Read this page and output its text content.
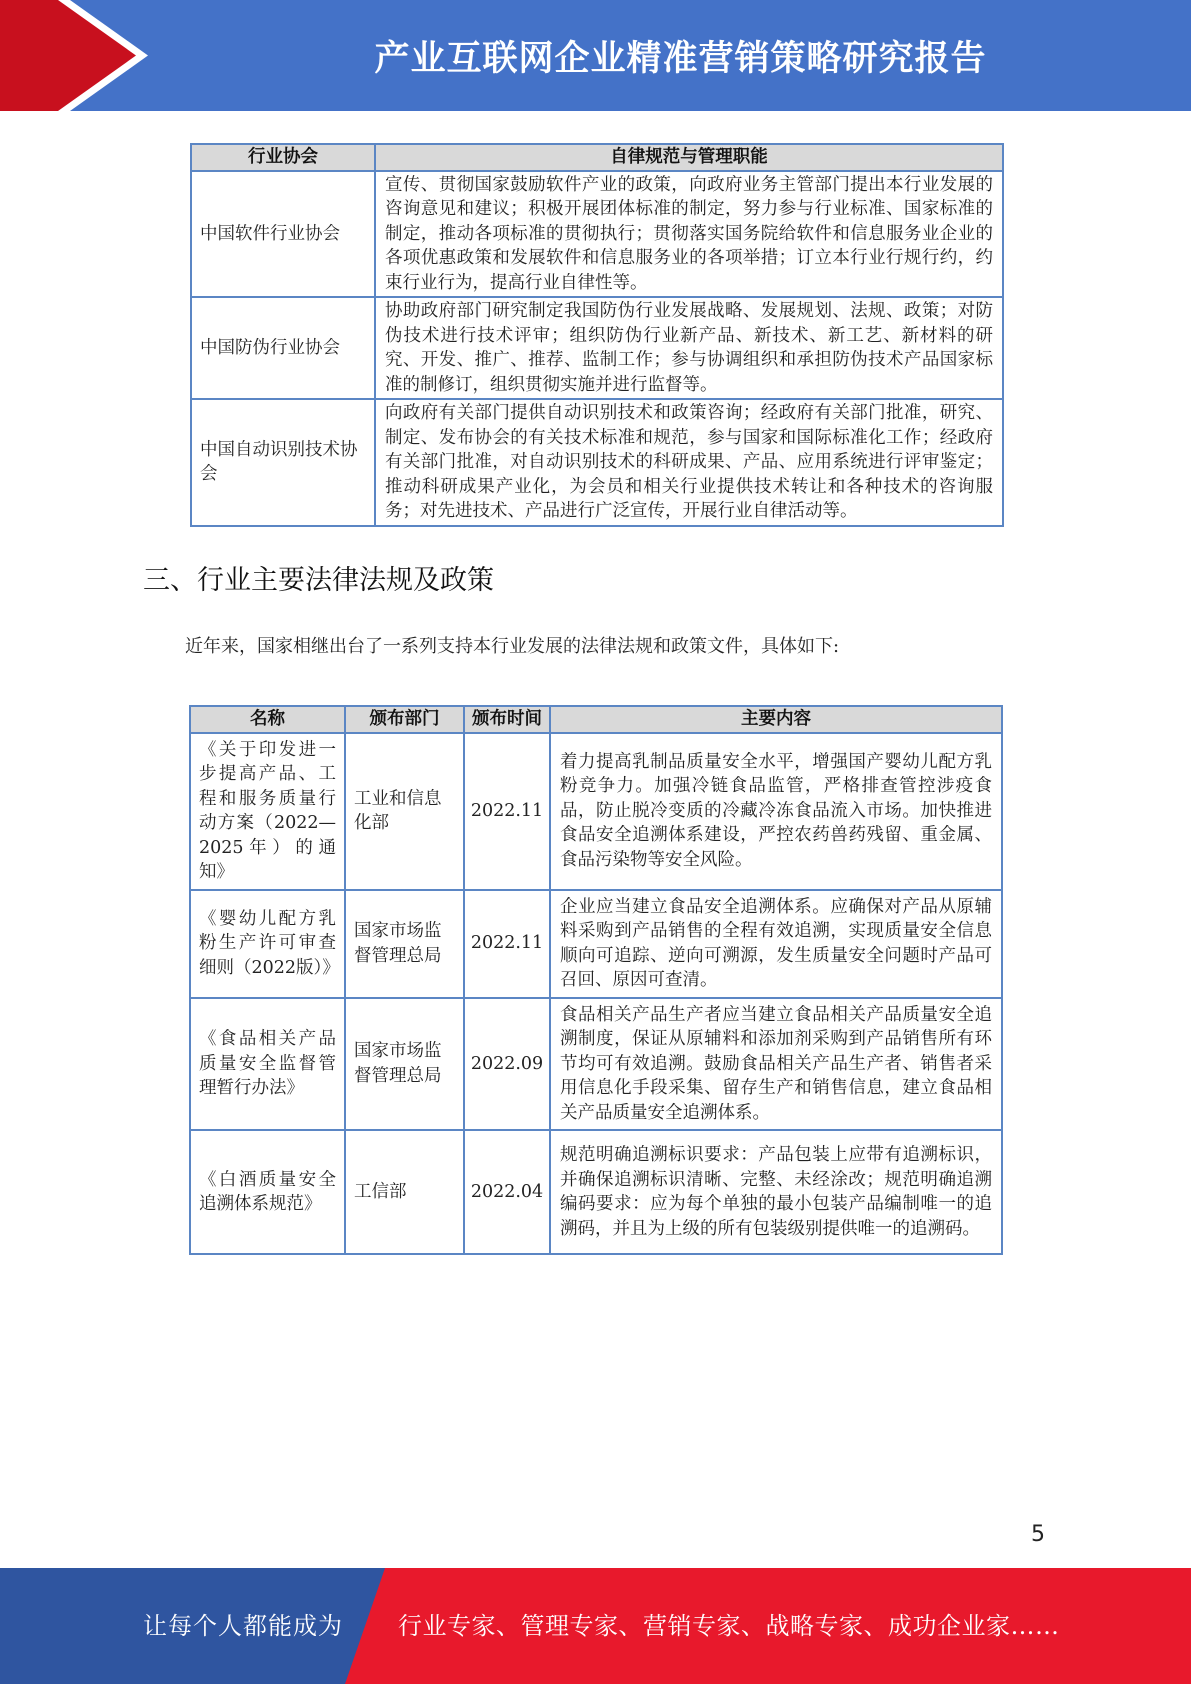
产业互联网企业精准营销策略研究报告
行业协会	自律规范与管理职能
中国软件行业协会	宣传、贯彻国家鼓励软件产业的政策，向政府业务主管部门提出本行业发展的咨询意见和建议；积极开展团体标准的制定，努力参与行业标准、国家标准的制定，推动各项标准的贯彻执行；贯彻落实国务院给软件和信息服务业企业的各项优惠政策和发展软件和信息服务业的各项举措；订立本行业行规行约，约束行业行为，提高行业自律性等。
中国防伪行业协会	协助政府部门研究制定我国防伪行业发展战略、发展规划、法规、政策；对防伪技术进行技术评审；组织防伪行业新产品、新技术、新工艺、新材料的研究、开发、推广、推荐、监制工作；参与协调组织和承担防伪技术产品国家标准的制修订，组织贯彻实施并进行监督等。
中国自动识别技术协会	向政府有关部门提供自动识别技术和政策咨询；经政府有关部门批准，研究、制定、发布协会的有关技术标准和规范，参与国家和国际标准化工作；经政府有关部门批准，对自动识别技术的科研成果、产品、应用系统进行评审鉴定；推动科研成果产业化，为会员和相关行业提供技术转让和各种技术的咨询服务；对先进技术、产品进行广泛宣传，开展行业自律活动等。
三、行业主要法律法规及政策
近年来，国家相继出台了一系列支持本行业发展的法律法规和政策文件，具体如下:
名称	颁布部门	颁布时间	主要内容
《关于印发进一步提高产品、工程和服务质量行动方案（2022—2025年）的通知》	工业和信息化部	2022.11	着力提高乳制品质量安全水平，增强国产婴幼儿配方乳粉竞争力。加强冷链食品监管，严格排查管控涉疫食品，防止脱冷变质的冷藏冷冻食品流入市场。加快推进食品安全追溯体系建设，严控农药兽药残留、重金属、食品污染物等安全风险。
《婴幼儿配方乳粉生产许可审查细则（2022版）》	国家市场监督管理总局	2022.11	企业应当建立食品安全追溯体系。应确保对产品从原辅料采购到产品销售的全程有效追溯，实现质量安全信息顺向可追踪、逆向可溯源，发生质量安全问题时产品可召回、原因可查清。
《食品相关产品质量安全监督管理暂行办法》	国家市场监督管理总局	2022.09	食品相关产品生产者应当建立食品相关产品质量安全追溯制度，保证从原辅料和添加剂采购到产品销售所有环节均可有效追溯。鼓励食品相关产品生产者、销售者采用信息化手段采集、留存生产和销售信息，建立食品相关产品质量安全追溯体系。
《白酒质量安全追溯体系规范》	工信部	2022.04	规范明确追溯标识要求：产品包装上应带有追溯标识，并确保追溯标识清晰、完整、未经涂改；规范明确追溯编码要求：应为每个单独的最小包装产品编制唯一的追溯码，并且为上级的所有包装级别提供唯一的追溯码。
5
让每个人都能成为 行业专家、管理专家、营销专家、战略专家、成功企业家……
